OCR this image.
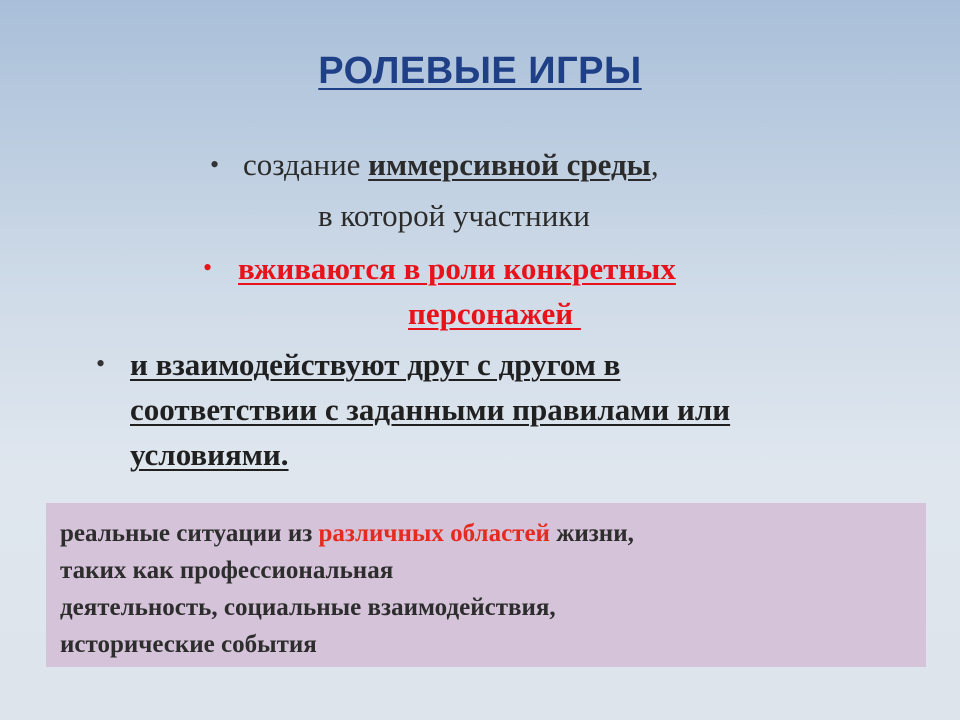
РОЛЕВЫЕ ИГРЫ
• создание иммерсивной среды,
в которой участники
• вживаются в роли конкретных
персонажей
• и взаимодействуют друг с другом в
соответствии с заданными правилами или
условиями.
реальные ситуации из различных областей жизни,
таких как профессиональная
деятельность, социальные взаимодействия,
исторические события
